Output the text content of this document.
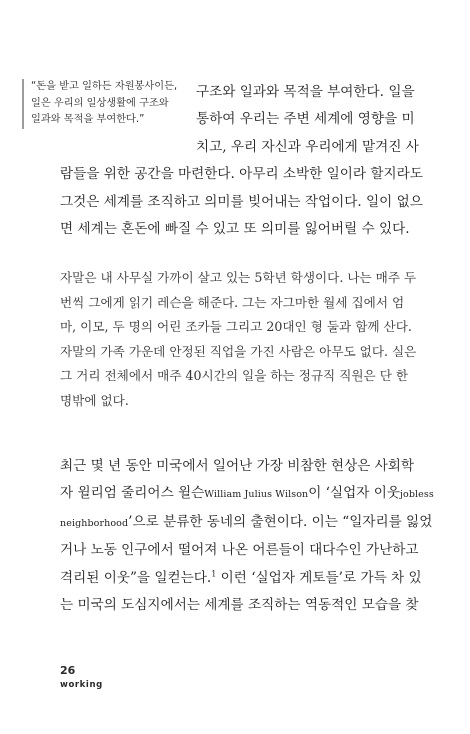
“돈을 받고 일하든 자원봉사이든,
일은 우리의 일상생활에 구조와
일과와 목적을 부여한다.”
구조와 일과와 목적을 부여한다. 일을
통하여 우리는 주변 세계에 영향을 미
치고, 우리 자신과 우리에게 맡겨진 사
람들을 위한 공간을 마련한다. 아무리 소박한 일이라 할지라도
그것은 세계를 조직하고 의미를 빚어내는 작업이다. 일이 없으
면 세계는 혼돈에 빠질 수 있고 또 의미를 잃어버릴 수 있다.
자말은 내 사무실 가까이 살고 있는 5학년 학생이다. 나는 매주 두
번씩 그에게 읽기 레슨을 해준다. 그는 자그마한 월세 집에서 엄
마, 이모, 두 명의 어린 조카들 그리고 20대인 형 둘과 함께 산다.
자말의 가족 가운데 안정된 직업을 가진 사람은 아무도 없다. 실은
그 거리 전체에서 매주 40시간의 일을 하는 정규직 직원은 단 한
명밖에 없다.
최근 몇 년 동안 미국에서 일어난 가장 비참한 현상은 사회학
자 윌리엄 줄리어스 윌슨William Julius Wilson이 ‘실업자 이웃jobless
neighborhood’으로 분류한 동네의 출현이다. 이는 “일자리를 잃었
거나 노동 인구에서 떨어져 나온 어른들이 대다수인 가난하고
격리된 이웃”을 일컫는다.$^1$ 이런 ‘실업자 게토들’로 가득 차 있
는 미국의 도심지에서는 세계를 조직하는 역동적인 모습을 찾
26
working
